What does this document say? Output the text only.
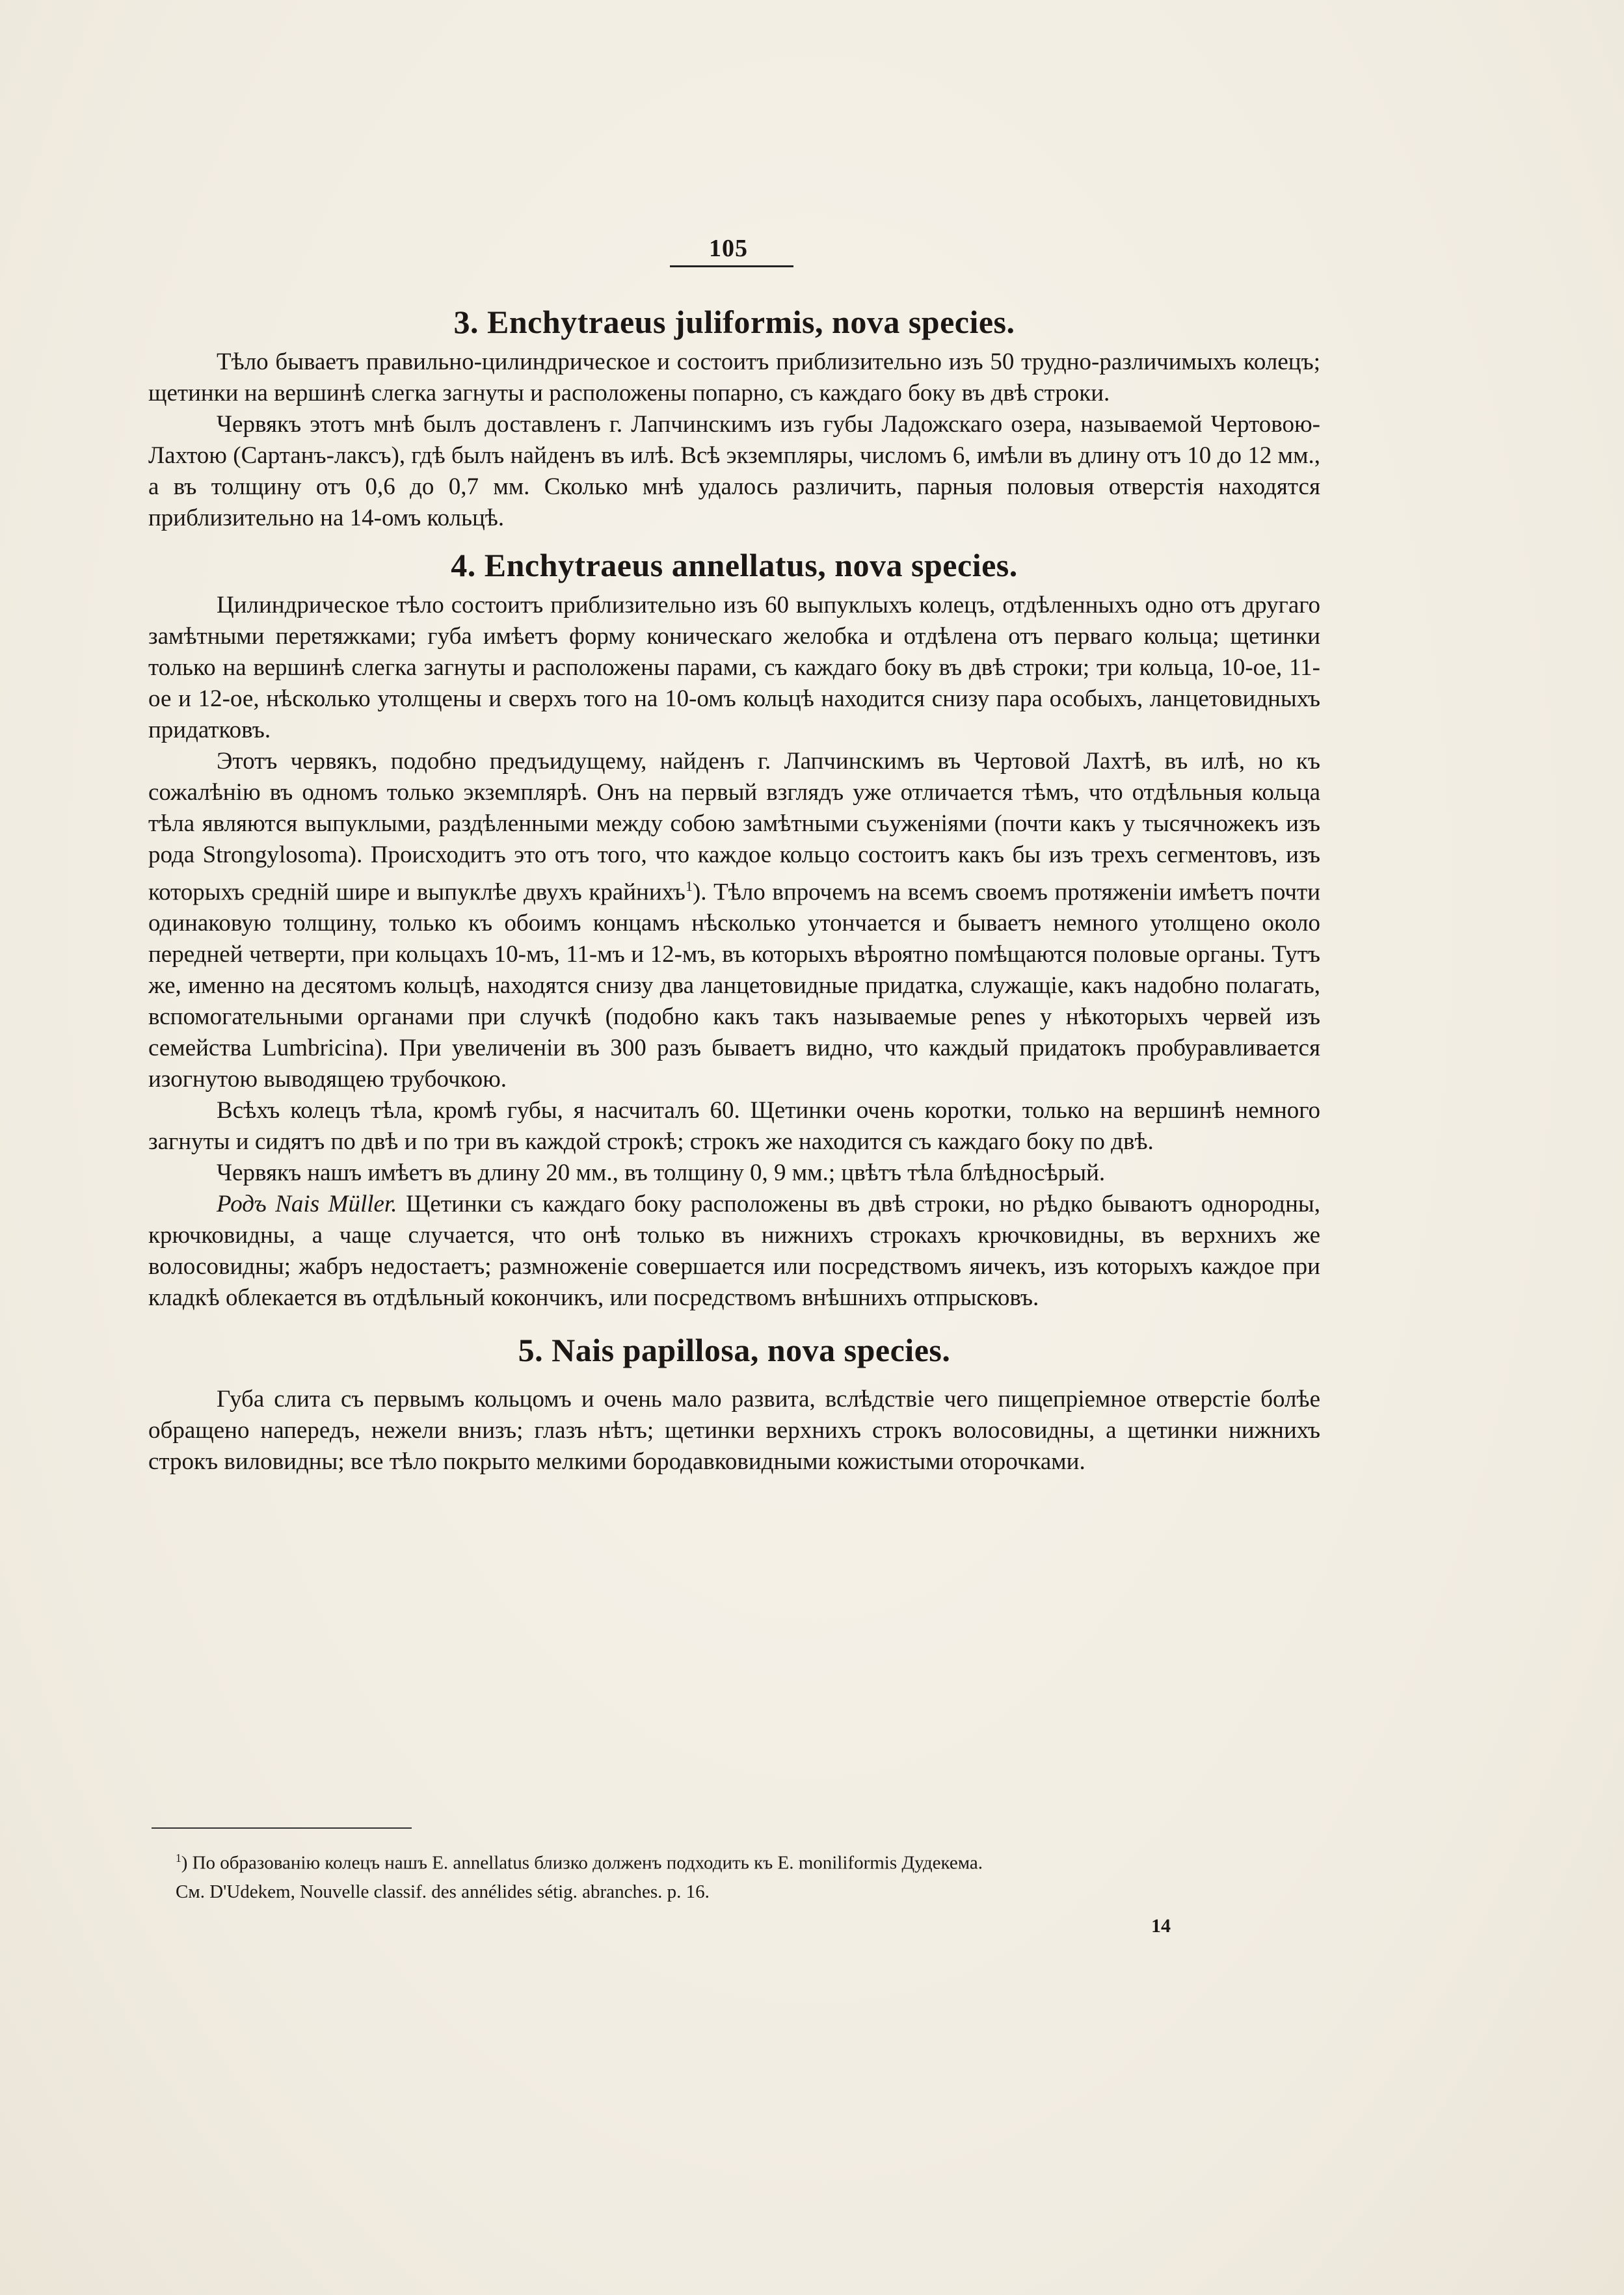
105
3. Enchytraeus juliformis, nova species.

Тѣло бываетъ правильно-цилиндрическое и состоитъ приблизительно изъ 50 трудно-различимыхъ колецъ; щетинки на вершинѣ слегка загнуты и расположены попарно, съ каждаго боку въ двѣ строки.

Червякъ этотъ мнѣ былъ доставленъ г. Лапчинскимъ изъ губы Ладожскаго озера, называемой Чертовою-Лахтою (Сартанъ-лаксъ), гдѣ былъ найденъ въ илѣ. Всѣ экземпляры, числомъ 6, имѣли въ длину отъ 10 до 12 мм., а въ толщину отъ 0,6 до 0,7 мм. Сколько мнѣ удалось различить, парныя половыя отверстія находятся приблизительно на 14-омъ кольцѣ.

4. Enchytraeus annellatus, nova species.

Цилиндрическое тѣло состоитъ приблизительно изъ 60 выпуклыхъ колецъ, отдѣленныхъ одно отъ другаго замѣтными перетяжками; губа имѣетъ форму коническаго желобка и отдѣлена отъ перваго кольца; щетинки только на вершинѣ слегка загнуты и расположены парами, съ каждаго боку въ двѣ строки; три кольца, 10-ое, 11-ое и 12-ое, нѣсколько утолщены и сверхъ того на 10-омъ кольцѣ находится снизу пара особыхъ, ланцетовидныхъ придатковъ.

Этотъ червякъ, подобно предъидущему, найденъ г. Лапчинскимъ въ Чертовой Лахтѣ, въ илѣ, но къ сожалѣнію въ одномъ только экземплярѣ. Онъ на первый взглядъ уже отличается тѣмъ, что отдѣльныя кольца тѣла являются выпуклыми, раздѣленными между собою замѣтными съуженіями (почти какъ у тысячножекъ изъ рода Strongylosoma). Происходитъ это отъ того, что каждое кольцо состоитъ какъ бы изъ трехъ сегментовъ, изъ которыхъ средній шире и выпуклѣе двухъ крайнихъ$^1$). Тѣло впрочемъ на всемъ своемъ протяженіи имѣетъ почти одинаковую толщину, только къ обоимъ концамъ нѣсколько утончается и бываетъ немного утолщено около передней четверти, при кольцахъ 10-мъ, 11-мъ и 12-мъ, въ которыхъ вѣроятно помѣщаются половые органы. Тутъ же, именно на десятомъ кольцѣ, находятся снизу два ланцетовидные придатка, служащіе, какъ надобно полагать, вспомогательными органами при случкѣ (подобно какъ такъ называемые penes у нѣкоторыхъ червей изъ семейства Lumbricina). При увеличеніи въ 300 разъ бываетъ видно, что каждый придатокъ пробуравливается изогнутою выводящею трубочкою.

Всѣхъ колецъ тѣла, кромѣ губы, я насчиталъ 60. Щетинки очень коротки, только на вершинѣ немного загнуты и сидятъ по двѣ и по три въ каждой строкѣ; строкъ же находится съ каждаго боку по двѣ.

Червякъ нашъ имѣетъ въ длину 20 мм., въ толщину 0, 9 мм.; цвѣтъ тѣла блѣдносѣрый.

Родъ Nais Müller. Щетинки съ каждаго боку расположены въ двѣ строки, но рѣдко бываютъ однородны, крючковидны, а чаще случается, что онѣ только въ нижнихъ строкахъ крючковидны, въ верхнихъ же волосовидны; жабръ недостаетъ; размноженіе совершается или посредствомъ яичекъ, изъ которыхъ каждое при кладкѣ облекается въ отдѣльный кокончикъ, или посредствомъ внѣшнихъ отпрысковъ.

5. Nais papillosa, nova species.

Губа слита съ первымъ кольцомъ и очень мало развита, вслѣдствіе чего пищепріемное отверстіе болѣе обращено напередъ, нежели внизъ; глазъ нѣтъ; щетинки верхнихъ строкъ волосовидны, а щетинки нижнихъ строкъ виловидны; все тѣло покрыто мелкими бородавковидными кожистыми оторочками.

$^1$) По образованію колецъ нашъ E. annellatus близко долженъ подходить къ E. moniliformis Дудекема.
См. D'Udekem, Nouvelle classif. des annélides sétig. abranches. p. 16.
14
